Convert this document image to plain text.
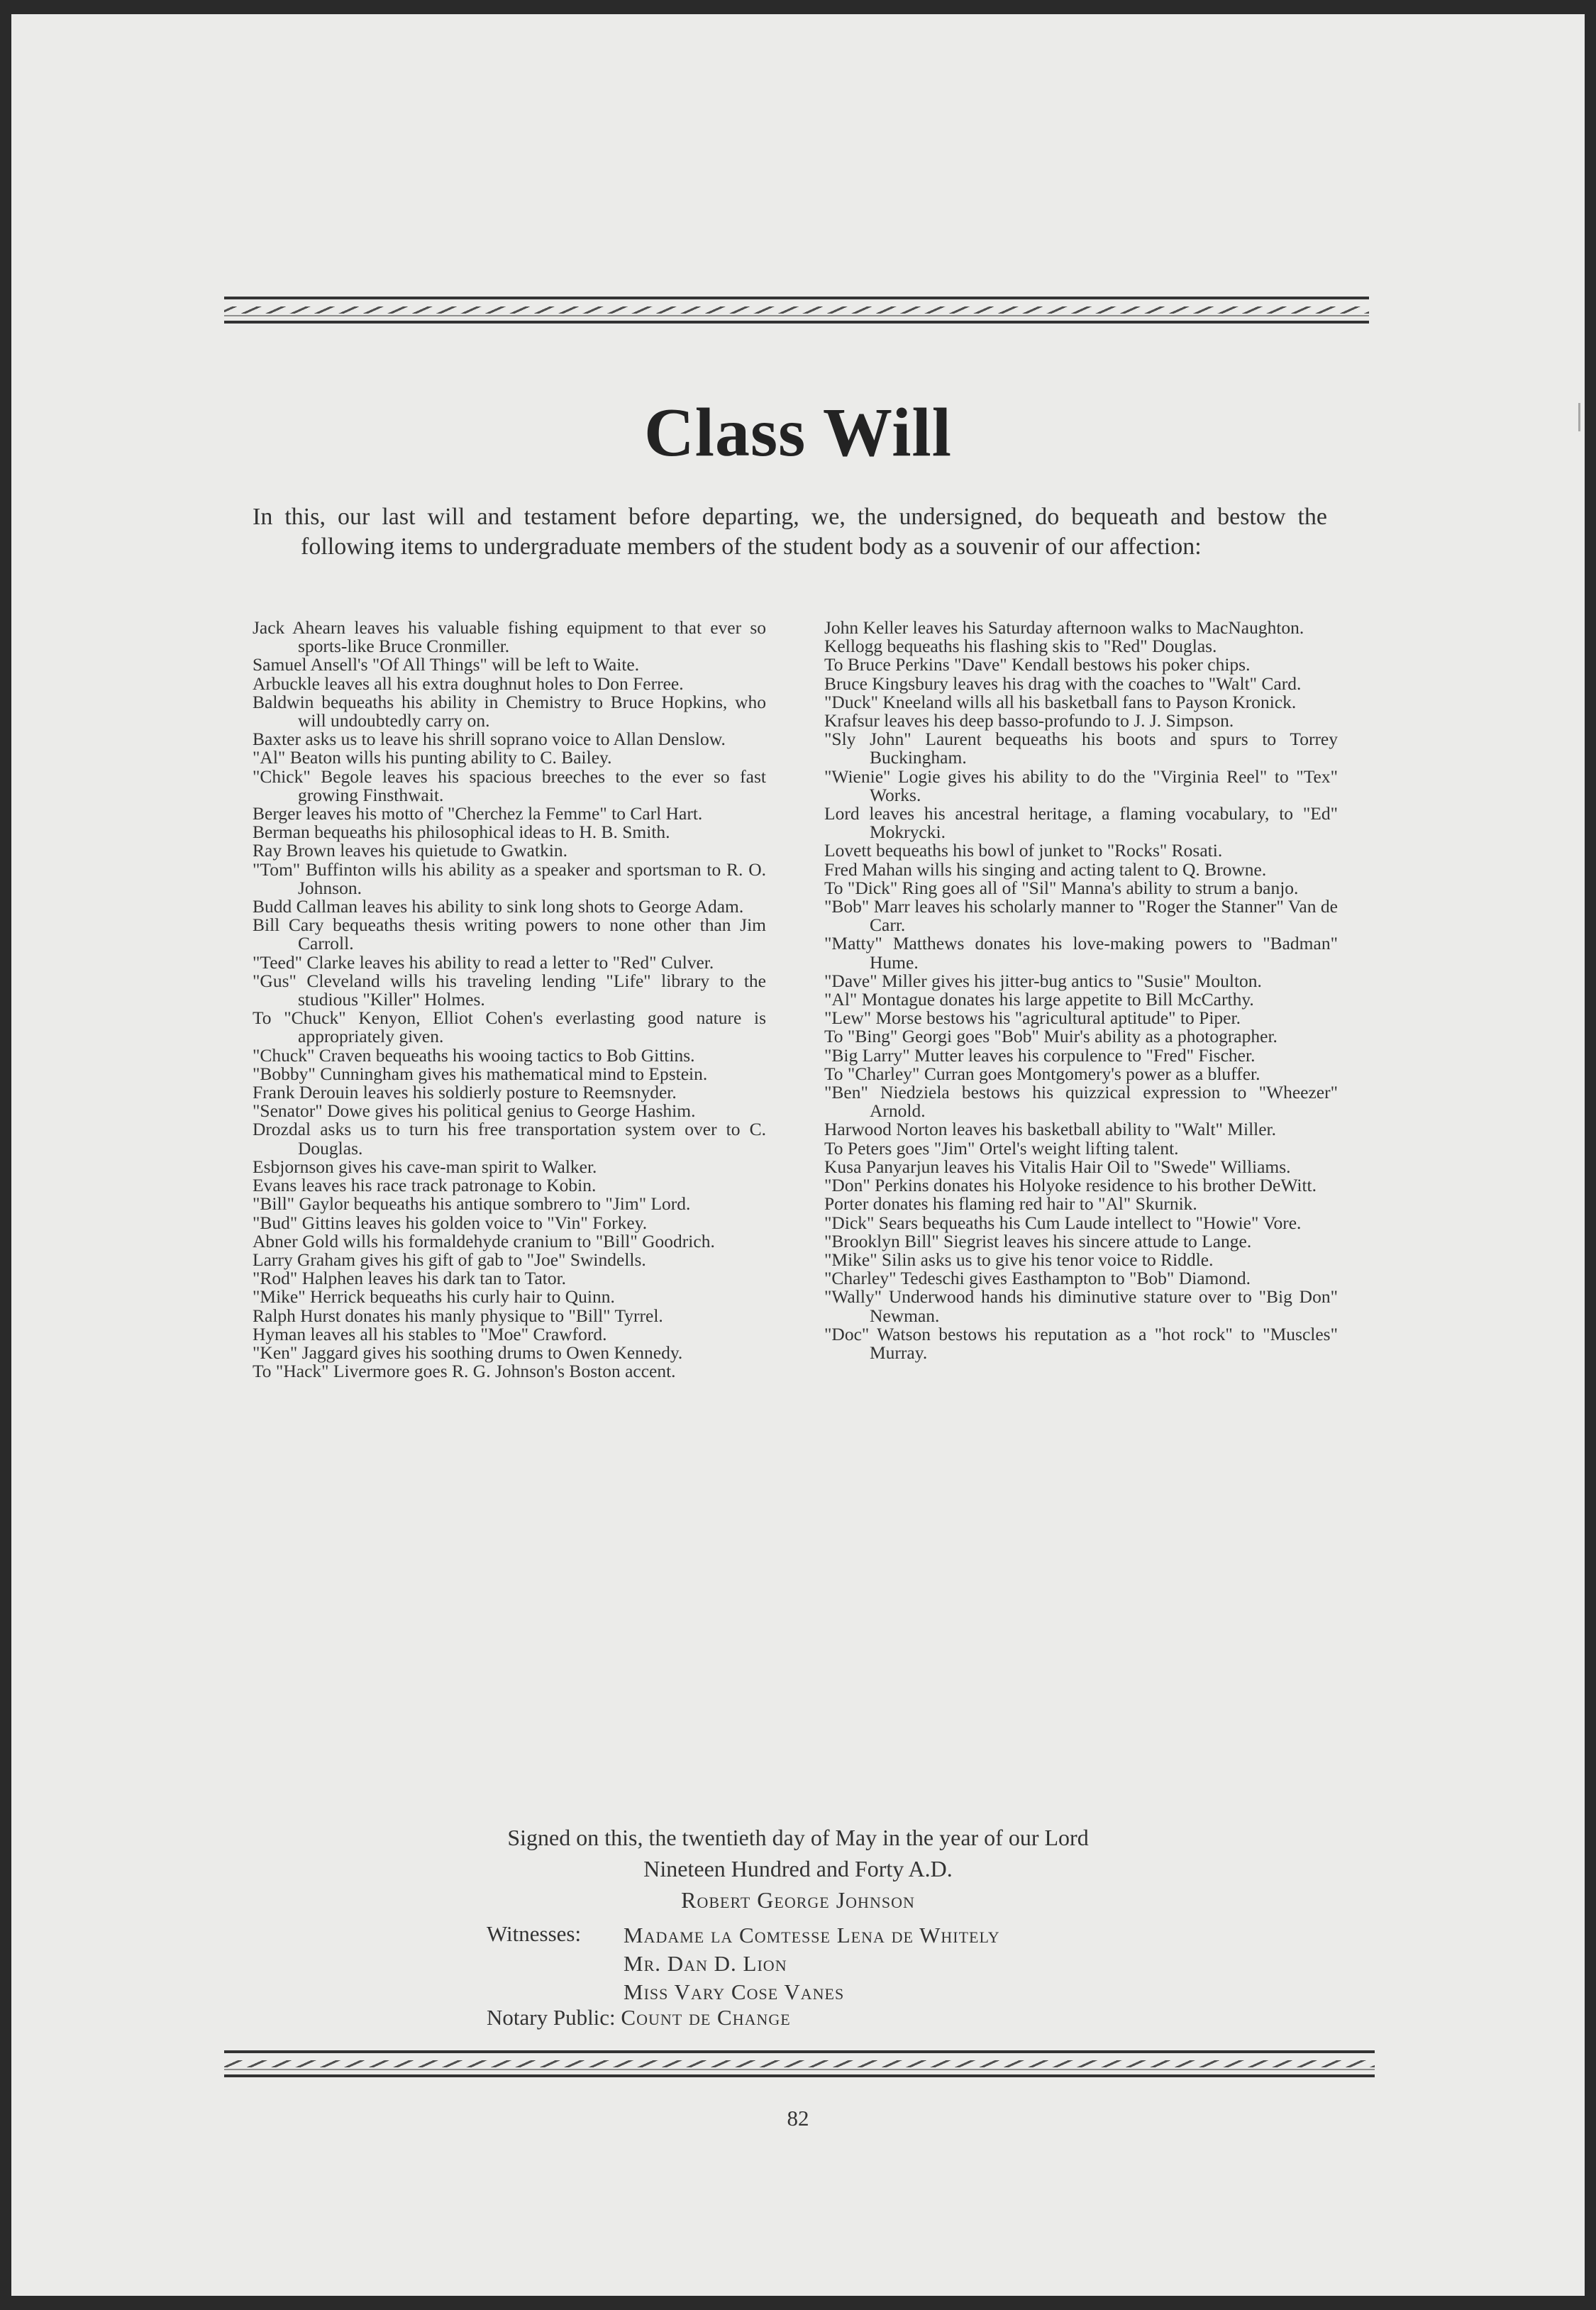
Class Will
In this, our last will and testament before departing, we, the undersigned, do bequeath and bestow the following items to undergraduate members of the student body as a souvenir of our affection:

Jack Ahearn leaves his valuable fishing equipment to that ever so sports-like Bruce Cronmiller.

Samuel Ansell's "Of All Things" will be left to Waite.

Arbuckle leaves all his extra doughnut holes to Don Ferree.

Baldwin bequeaths his ability in Chemistry to Bruce Hopkins, who will undoubtedly carry on.

Baxter asks us to leave his shrill soprano voice to Allan Denslow.

"Al" Beaton wills his punting ability to C. Bailey.

"Chick" Begole leaves his spacious breeches to the ever so fast growing Finsthwait.

Berger leaves his motto of "Cherchez la Femme" to Carl Hart.

Berman bequeaths his philosophical ideas to H. B. Smith.

Ray Brown leaves his quietude to Gwatkin.

"Tom" Buffinton wills his ability as a speaker and sportsman to R. O. Johnson.

Budd Callman leaves his ability to sink long shots to George Adam.

Bill Cary bequeaths thesis writing powers to none other than Jim Carroll.

"Teed" Clarke leaves his ability to read a letter to "Red" Culver.

"Gus" Cleveland wills his traveling lending "Life" library to the studious "Killer" Holmes.

To "Chuck" Kenyon, Elliot Cohen's everlasting good nature is appropriately given.

"Chuck" Craven bequeaths his wooing tactics to Bob Gittins.

"Bobby" Cunningham gives his mathematical mind to Epstein.

Frank Derouin leaves his soldierly posture to Reemsnyder.

"Senator" Dowe gives his political genius to George Hashim.

Drozdal asks us to turn his free transportation system over to C. Douglas.

Esbjornson gives his cave-man spirit to Walker.

Evans leaves his race track patronage to Kobin.

"Bill" Gaylor bequeaths his antique sombrero to "Jim" Lord.

"Bud" Gittins leaves his golden voice to "Vin" Forkey.

Abner Gold wills his formaldehyde cranium to "Bill" Goodrich.

Larry Graham gives his gift of gab to "Joe" Swindells.

"Rod" Halphen leaves his dark tan to Tator.

"Mike" Herrick bequeaths his curly hair to Quinn.

Ralph Hurst donates his manly physique to "Bill" Tyrrel.

Hyman leaves all his stables to "Moe" Crawford.

"Ken" Jaggard gives his soothing drums to Owen Kennedy.

To "Hack" Livermore goes R. G. Johnson's Boston accent.

John Keller leaves his Saturday afternoon walks to MacNaughton.

Kellogg bequeaths his flashing skis to "Red" Douglas.

To Bruce Perkins "Dave" Kendall bestows his poker chips.

Bruce Kingsbury leaves his drag with the coaches to "Walt" Card.

"Duck" Kneeland wills all his basketball fans to Payson Kronick.

Krafsur leaves his deep basso-profundo to J. J. Simpson.

"Sly John" Laurent bequeaths his boots and spurs to Torrey Buckingham.

"Wienie" Logie gives his ability to do the "Virginia Reel" to "Tex" Works.

Lord leaves his ancestral heritage, a flaming vocabulary, to "Ed" Mokrycki.

Lovett bequeaths his bowl of junket to "Rocks" Rosati.

Fred Mahan wills his singing and acting talent to Q. Browne.

To "Dick" Ring goes all of "Sil" Manna's ability to strum a banjo.

"Bob" Marr leaves his scholarly manner to "Roger the Stanner" Van de Carr.

"Matty" Matthews donates his love-making powers to "Badman" Hume.

"Dave" Miller gives his jitter-bug antics to "Susie" Moulton.

"Al" Montague donates his large appetite to Bill McCarthy.

"Lew" Morse bestows his "agricultural aptitude" to Piper.

To "Bing" Georgi goes "Bob" Muir's ability as a photographer.

"Big Larry" Mutter leaves his corpulence to "Fred" Fischer.

To "Charley" Curran goes Montgomery's power as a bluffer.

"Ben" Niedziela bestows his quizzical expression to "Wheezer" Arnold.

Harwood Norton leaves his basketball ability to "Walt" Miller.

To Peters goes "Jim" Ortel's weight lifting talent.

Kusa Panyarjun leaves his Vitalis Hair Oil to "Swede" Williams.

"Don" Perkins donates his Holyoke residence to his brother DeWitt.

Porter donates his flaming red hair to "Al" Skurnik.

"Dick" Sears bequeaths his Cum Laude intellect to "Howie" Vore.

"Brooklyn Bill" Siegrist leaves his sincere attude to Lange.

"Mike" Silin asks us to give his tenor voice to Riddle.

"Charley" Tedeschi gives Easthampton to "Bob" Diamond.

"Wally" Underwood hands his diminutive stature over to "Big Don" Newman.

"Doc" Watson bestows his reputation as a "hot rock" to "Muscles" Murray.

Signed on this, the twentieth day of May in the year of our Lord
Nineteen Hundred and Forty A.D.
Robert George Johnson
Witnesses: Madame la Comtesse Lena de Whitely
Mr. Dan D. Lion
Miss Vary Cose Vanes
Notary Public: Count de Change
82
